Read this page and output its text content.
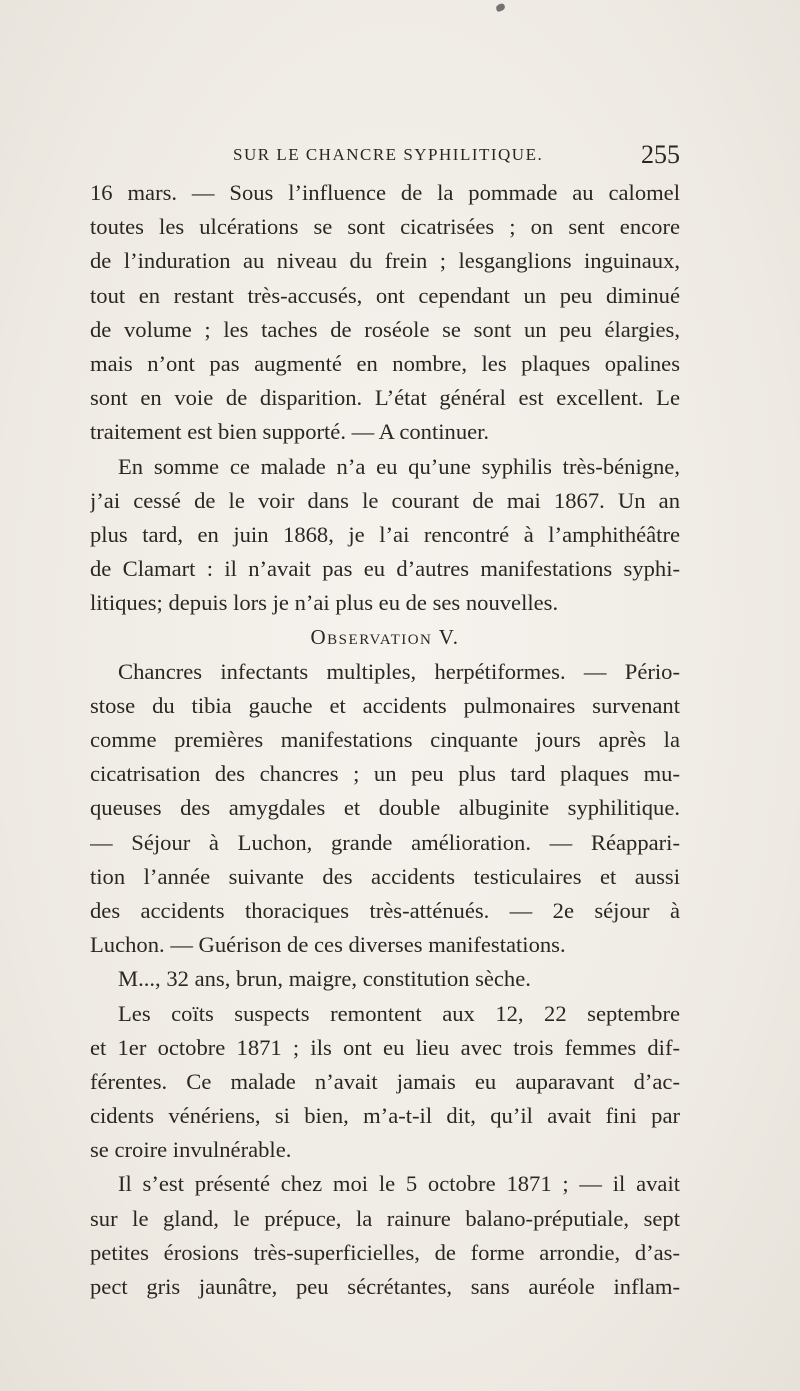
SUR LE CHANCRE SYPHILITIQUE.	255
16 mars. — Sous l’influence de la pommade au calomel
toutes les ulcérations se sont cicatrisées ; on sent encore
de l’induration au niveau du frein ; lesganglions inguinaux,
tout en restant très-accusés, ont cependant un peu diminué
de volume ; les taches de roséole se sont un peu élargies,
mais n’ont pas augmenté en nombre, les plaques opalines
sont en voie de disparition. L’état général est excellent. Le
traitement est bien supporté. — A continuer.
En somme ce malade n’a eu qu’une syphilis très-bénigne,
j’ai cessé de le voir dans le courant de mai 1867. Un an
plus tard, en juin 1868, je l’ai rencontré à l’amphithéâtre
de Clamart : il n’avait pas eu d’autres manifestations syphi-
litiques; depuis lors je n’ai plus eu de ses nouvelles.
Observation V.
Chancres infectants multiples, herpétiformes. — Pério-
stose du tibia gauche et accidents pulmonaires survenant
comme premières manifestations cinquante jours après la
cicatrisation des chancres ; un peu plus tard plaques mu-
queuses des amygdales et double albuginite syphilitique.
— Séjour à Luchon, grande amélioration. — Réappari-
tion l’année suivante des accidents testiculaires et aussi
des accidents thoraciques très-atténués. — 2e séjour à
Luchon. — Guérison de ces diverses manifestations.
M..., 32 ans, brun, maigre, constitution sèche.
Les coïts suspects remontent aux 12, 22 septembre
et 1er octobre 1871 ; ils ont eu lieu avec trois femmes dif-
férentes. Ce malade n’avait jamais eu auparavant d’ac-
cidents vénériens, si bien, m’a-t-il dit, qu’il avait fini par
se croire invulnérable.
Il s’est présenté chez moi le 5 octobre 1871 ; — il avait
sur le gland, le prépuce, la rainure balano-préputiale, sept
petites érosions très-superficielles, de forme arrondie, d’as-
pect gris jaunâtre, peu sécrétantes, sans auréole inflam-
